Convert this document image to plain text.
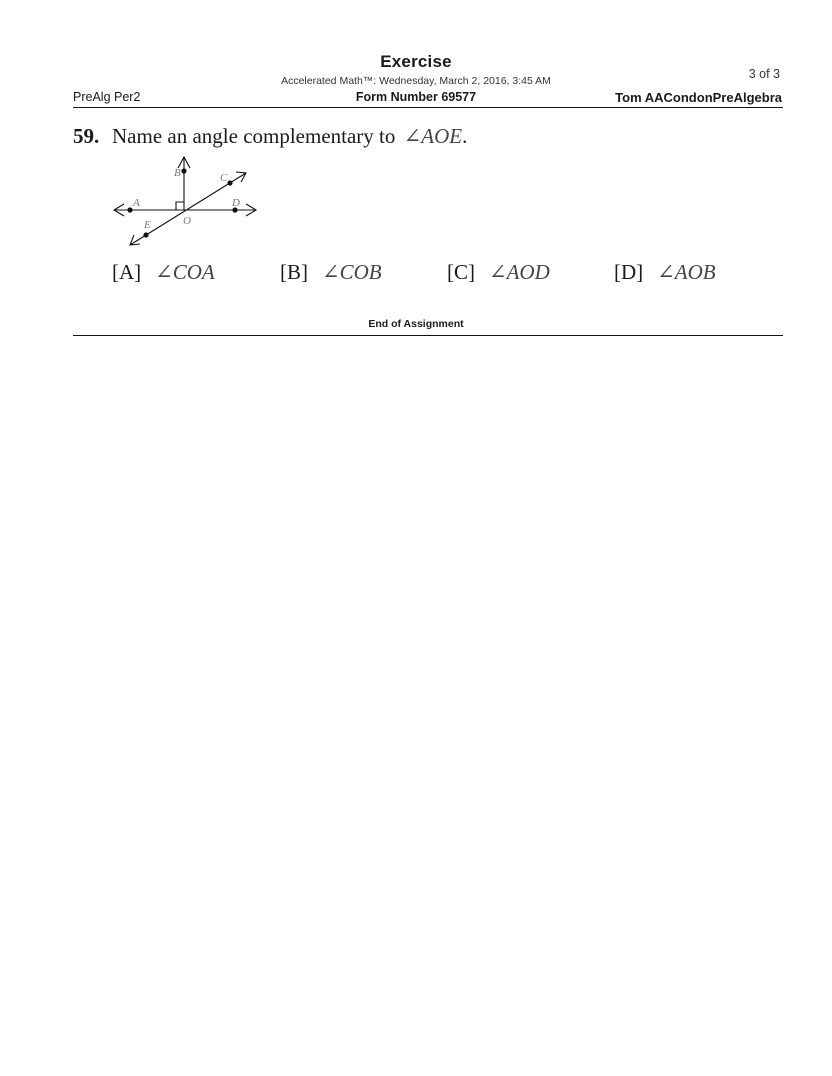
Exercise
Accelerated Math™: Wednesday, March 2, 2016, 3:45 AM	3 of 3
PreAlg Per2	Form Number 69577	Tom AACondonPreAlgebra
59. Name an angle complementary to ∠AOE.
A
B	C
D
E	O
[A] ∠COA	[B] ∠COB	[C] ∠AOD	[D] ∠AOB
End of Assignment
